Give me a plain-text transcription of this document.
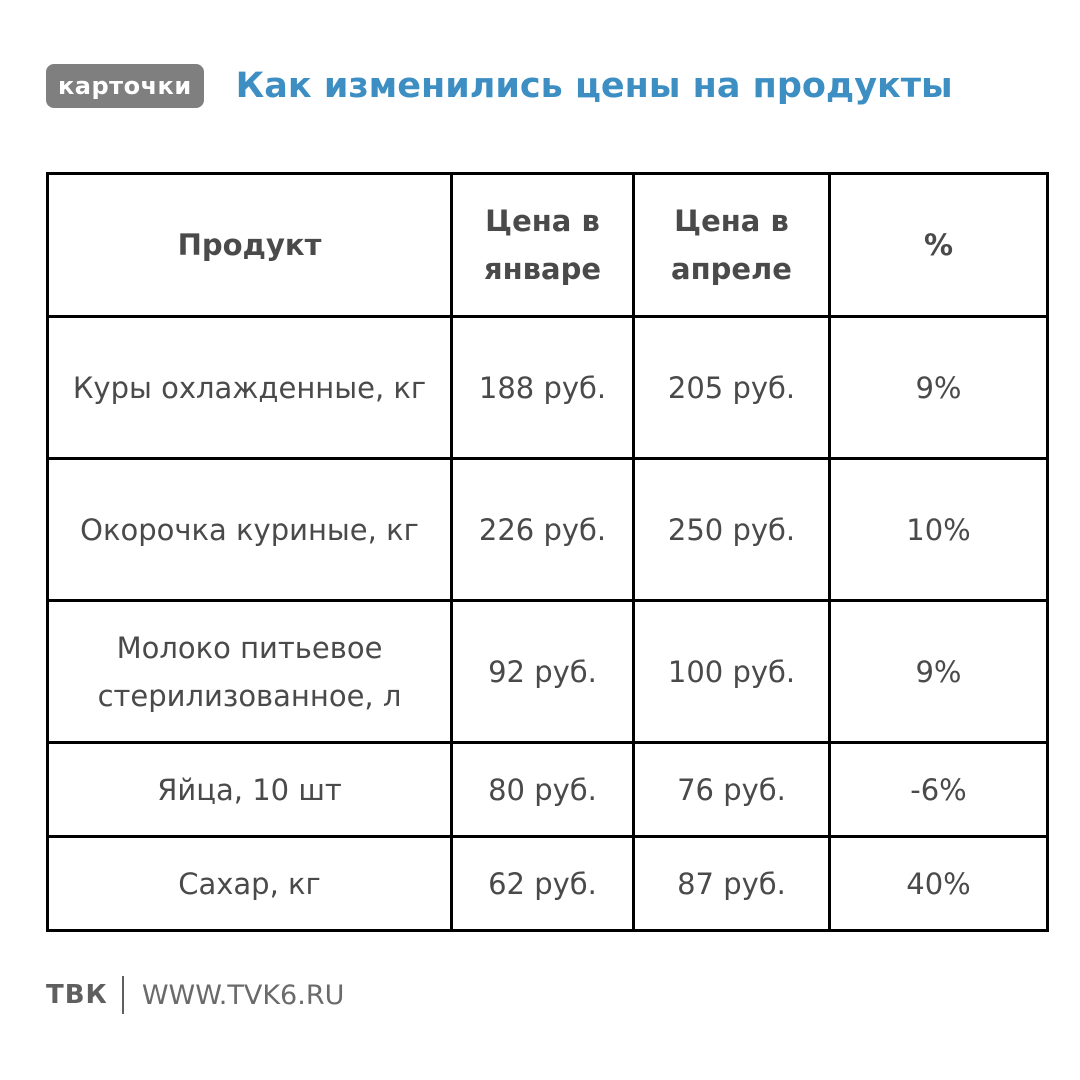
карточки	Как изменились цены на продукты
Продукт	Цена в январе	Цена в апреле	%
Куры охлажденные, кг	188 руб.	205 руб.	9%
Окорочка куриные, кг	226 руб.	250 руб.	10%
Молоко питьевое стерилизованное, л	92 руб.	100 руб.	9%
Яйца, 10 шт	80 руб.	76 руб.	-6%
Сахар, кг	62 руб.	87 руб.	40%
ТВК WWW.TVK6.RU
